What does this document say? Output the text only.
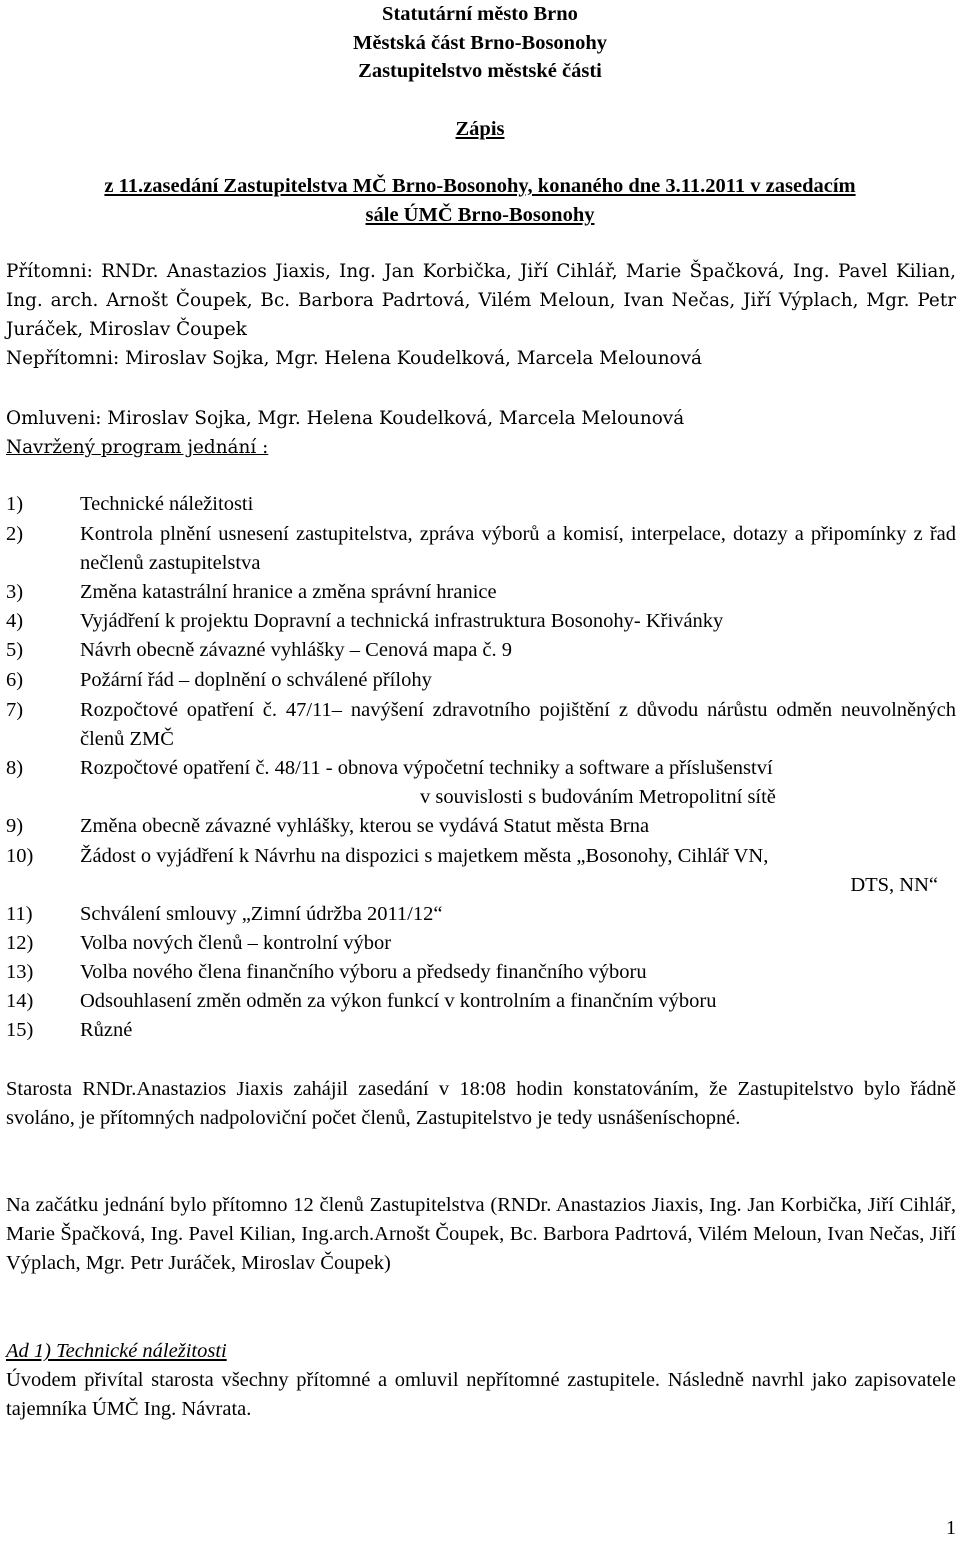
Statutární město Brno
Městská část Brno-Bosonohy
Zastupitelstvo městské části
Zápis
z 11.zasedání Zastupitelstva MČ Brno-Bosonohy, konaného dne 3.11.2011 v zasedacím
sále ÚMČ Brno-Bosonohy
Přítomni: RNDr. Anastazios Jiaxis, Ing. Jan Korbička, Jiří Cihlář, Marie Špačková, Ing. Pavel Kilian, Ing. arch. Arnošt Čoupek, Bc. Barbora Padrtová, Vilém Meloun, Ivan Nečas, Jiří Výplach, Mgr. Petr Juráček, Miroslav Čoupek
Nepřítomni: Miroslav Sojka, Mgr. Helena Koudelková, Marcela Melounová
Omluveni: Miroslav Sojka, Mgr. Helena Koudelková, Marcela Melounová
Navržený program jednání :
1)	Technické náležitosti
2)	Kontrola plnění usnesení zastupitelstva, zpráva výborů a komisí, interpelace, dotazy a připomínky z řad nečlenů zastupitelstva
3)	Změna katastrální hranice a změna správní hranice
4)	Vyjádření k projektu Dopravní a technická infrastruktura Bosonohy- Křivánky
5)	Návrh obecně závazné vyhlášky – Cenová mapa č. 9
6)	Požární řád – doplnění o schválené přílohy
7)	Rozpočtové opatření č. 47/11– navýšení zdravotního pojištění z důvodu nárůstu odměn neuvolněných členů ZMČ
8)	Rozpočtové opatření č. 48/11 - obnova výpočetní techniky a software a příslušenství
v souvislosti s budováním Metropolitní sítě
9)	Změna obecně závazné vyhlášky, kterou se vydává Statut města Brna
10)	Žádost o vyjádření k Návrhu na dispozici s majetkem města „Bosonohy, Cihlář VN,
DTS, NN“
11)	Schválení smlouvy „Zimní údržba 2011/12“
12)	Volba nových členů – kontrolní výbor
13)	Volba nového člena finančního výboru a předsedy finančního výboru
14)	Odsouhlasení změn odměn za výkon funkcí v kontrolním a finančním výboru
15)	Různé
Starosta RNDr.Anastazios Jiaxis zahájil zasedání v 18:08 hodin konstatováním, že Zastupitelstvo bylo řádně svoláno, je přítomných nadpoloviční počet členů, Zastupitelstvo je tedy usnášeníschopné.
Na začátku jednání bylo přítomno 12 členů Zastupitelstva (RNDr. Anastazios Jiaxis, Ing. Jan Korbička, Jiří Cihlář, Marie Špačková, Ing. Pavel Kilian, Ing.arch.Arnošt Čoupek, Bc. Barbora Padrtová, Vilém Meloun, Ivan Nečas, Jiří Výplach, Mgr. Petr Juráček, Miroslav Čoupek)
Ad 1) Technické náležitosti
Úvodem přivítal starosta všechny přítomné a omluvil nepřítomné zastupitele. Následně navrhl jako zapisovatele tajemníka ÚMČ Ing. Návrata.
1
